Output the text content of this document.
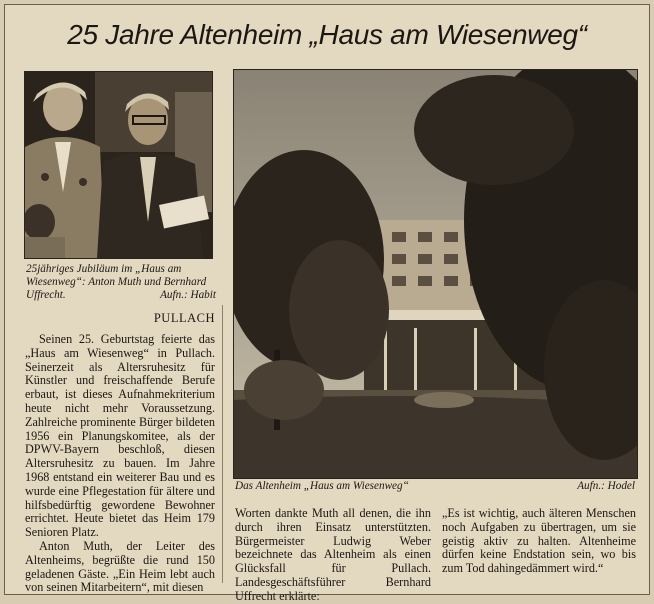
25 Jahre Altenheim „Haus am Wiesenweg“
25jähriges Jubiläum im „Haus am Wiesenweg“: Anton Muth und Bernhard Uffrecht.	Aufn.: Habit
PULLACH

Seinen 25. Geburtstag feierte das „Haus am Wiesenweg“ in Pullach. Seinerzeit als Altersruhesitz für Künstler und freischaffende Berufe erbaut, ist dieses Aufnahmekriterium heute nicht mehr Voraussetzung. Zahlreiche prominente Bürger bildeten 1956 ein Planungskomitee, als der DPWV-Bayern beschloß, diesen Altersruhesitz zu bauen. Im Jahre 1968 entstand ein weiterer Bau und es wurde eine Pflegestation für ältere und hilfsbedürftig gewordene Bewohner errichtet. Heute bietet das Heim 179 Senioren Platz.

Anton Muth, der Leiter des Altenheims, begrüßte die rund 150 geladenen Gäste. „Ein Heim lebt auch von seinen Mitarbeitern“, mit diesen

Das Altenheim „Haus am Wiesenweg“	Aufn.: Hodel

Worten dankte Muth all denen, die ihn durch ihren Einsatz unterstützten. Bürgermeister Ludwig Weber bezeichnete das Altenheim als einen Glücksfall für Pullach. Landesgeschäftsführer Bernhard Uffrecht erklärte:

„Es ist wichtig, auch älteren Menschen noch Aufgaben zu übertragen, um sie geistig aktiv zu halten. Altenheime dürfen keine Endstation sein, wo bis zum Tod dahingedämmert wird.“
